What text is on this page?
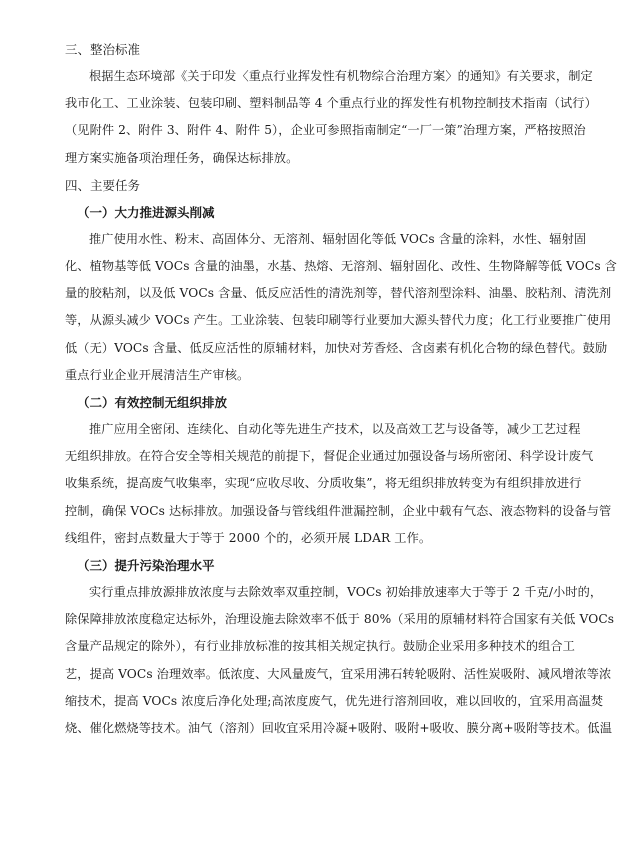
三、整治标准

根据生态环境部《关于印发〈重点行业挥发性有机物综合治理方案〉的通知》有关要求，制定
我市化工、工业涂装、包装印刷、塑料制品等 4 个重点行业的挥发性有机物控制技术指南（试行）
（见附件 2、附件 3、附件 4、附件 5），企业可参照指南制定“一厂一策”治理方案，严格按照治
理方案实施备项治理任务，确保达标排放。

四、主要任务

（一）大力推进源头削减

推广使用水性、粉末、高固体分、无溶剂、辐射固化等低 VOCs 含量的涂料，水性、辐射固
化、植物基等低 VOCs 含量的油墨，水基、热熔、无溶剂、辐射固化、改性、生物降解等低 VOCs 含
量的胶粘剂，以及低 VOCs 含量、低反应活性的清洗剂等，替代溶剂型涂料、油墨、胶粘剂、清洗剂
等，从源头减少 VOCs 产生。工业涂装、包装印刷等行业要加大源头替代力度；化工行业要推广使用
低（无）VOCs 含量、低反应活性的原辅材料，加快对芳香烃、含卤素有机化合物的绿色替代。鼓励
重点行业企业开展清洁生产审核。

（二）有效控制无组织排放

推广应用全密闭、连续化、自动化等先进生产技术，以及高效工艺与设备等，减少工艺过程
无组织排放。在符合安全等相关规范的前提下，督促企业通过加强设备与场所密闭、科学设计废气
收集系统，提高废气收集率，实现“应收尽收、分质收集”，将无组织排放转变为有组织排放进行
控制，确保 VOCs 达标排放。加强设备与管线组件泄漏控制，企业中载有气态、液态物料的设备与管
线组件，密封点数量大于等于 2000 个的，必须开展 LDAR 工作。

（三）提升污染治理水平

实行重点排放源排放浓度与去除效率双重控制，VOCs 初始排放速率大于等于 2 千克/小时的，
除保障排放浓度稳定达标外，治理设施去除效率不低于 80%（采用的原辅材料符合国家有关低 VOCs
含量产品规定的除外），有行业排放标准的按其相关规定执行。鼓励企业采用多种技术的组合工
艺，提高 VOCs 治理效率。低浓度、大风量废气，宜采用沸石转轮吸附、活性炭吸附、减风增浓等浓
缩技术，提高 VOCs 浓度后净化处理;高浓度废气，优先进行溶剂回收，难以回收的，宜采用高温焚
烧、催化燃烧等技术。油气（溶剂）回收宜采用冷凝+吸附、吸附+吸收、膜分离+吸附等技术。低温
